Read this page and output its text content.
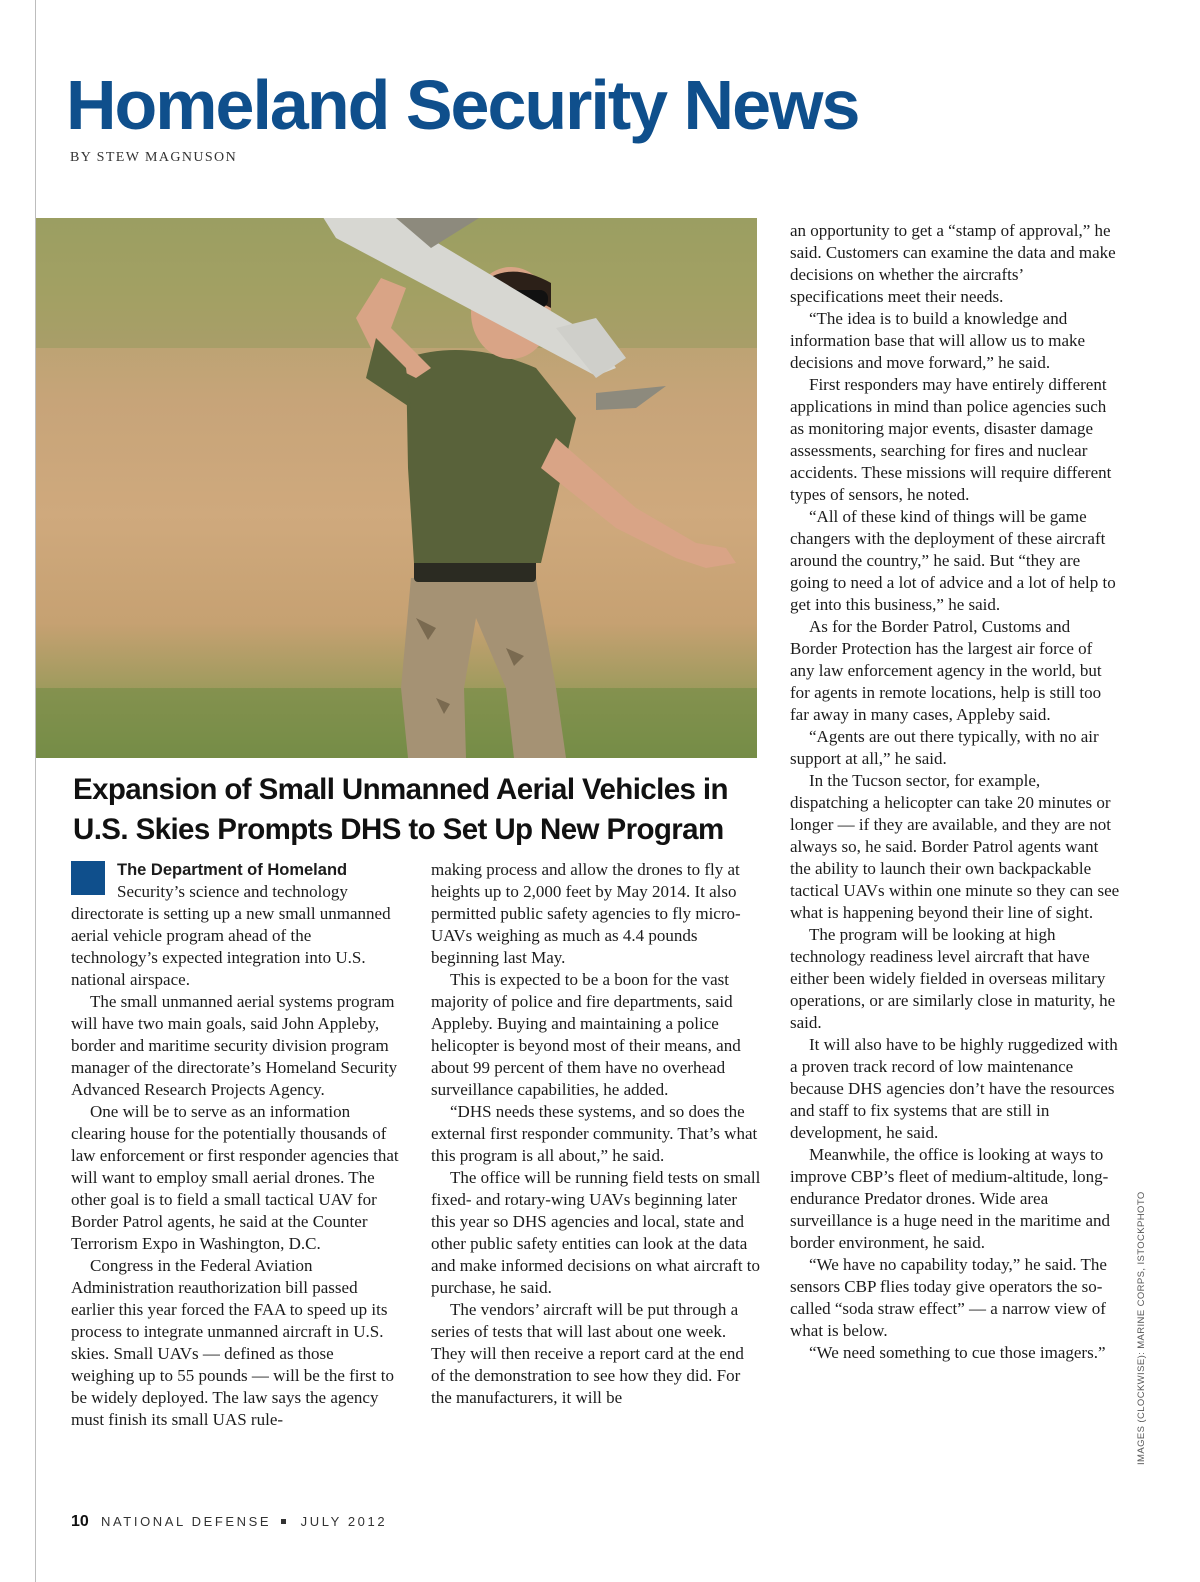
Homeland Security News
BY STEW MAGNUSON
Expansion of Small Unmanned Aerial Vehicles in U.S. Skies Prompts DHS to Set Up New Program

The Department of Homeland Security’s science and technology directorate is setting up a new small unmanned aerial vehicle program ahead of the technology’s expected integration into U.S. national airspace.

The small unmanned aerial systems program will have two main goals, said John Appleby, border and maritime security division program manager of the directorate’s Homeland Security Advanced Research Projects Agency.

One will be to serve as an information clearing house for the potentially thousands of law enforcement or first responder agencies that will want to employ small aerial drones. The other goal is to field a small tactical UAV for Border Patrol agents, he said at the Counter Terrorism Expo in Washington, D.C.

Congress in the Federal Aviation Administration reauthorization bill passed earlier this year forced the FAA to speed up its process to integrate unmanned aircraft in U.S. skies. Small UAVs — defined as those weighing up to 55 pounds — will be the first to be widely deployed. The law says the agency must finish its small UAS rule-

making process and allow the drones to fly at heights up to 2,000 feet by May 2014. It also permitted public safety agencies to fly micro-UAVs weighing as much as 4.4 pounds beginning last May.

This is expected to be a boon for the vast majority of police and fire departments, said Appleby. Buying and maintaining a police helicopter is beyond most of their means, and about 99 percent of them have no overhead surveillance capabilities, he added.

“DHS needs these systems, and so does the external first responder community. That’s what this program is all about,” he said.

The office will be running field tests on small fixed- and rotary-wing UAVs beginning later this year so DHS agencies and local, state and other public safety entities can look at the data and make informed decisions on what aircraft to purchase, he said.

The vendors’ aircraft will be put through a series of tests that will last about one week. They will then receive a report card at the end of the demonstration to see how they did. For the manufacturers, it will be

an opportunity to get a “stamp of approval,” he said. Customers can examine the data and make decisions on whether the aircrafts’ specifications meet their needs.

“The idea is to build a knowledge and information base that will allow us to make decisions and move forward,” he said.

First responders may have entirely different applications in mind than police agencies such as monitoring major events, disaster damage assessments, searching for fires and nuclear accidents. These missions will require different types of sensors, he noted.

“All of these kind of things will be game changers with the deployment of these aircraft around the country,” he said. But “they are going to need a lot of advice and a lot of help to get into this business,” he said.

As for the Border Patrol, Customs and Border Protection has the largest air force of any law enforcement agency in the world, but for agents in remote locations, help is still too far away in many cases, Appleby said.

“Agents are out there typically, with no air support at all,” he said.

In the Tucson sector, for example, dispatching a helicopter can take 20 minutes or longer — if they are available, and they are not always so, he said. Border Patrol agents want the ability to launch their own backpackable tactical UAVs within one minute so they can see what is happening beyond their line of sight.

The program will be looking at high technology readiness level aircraft that have either been widely fielded in overseas military operations, or are similarly close in maturity, he said.

It will also have to be highly ruggedized with a proven track record of low maintenance because DHS agencies don’t have the resources and staff to fix systems that are still in development, he said.

Meanwhile, the office is looking at ways to improve CBP’s fleet of medium-altitude, long-endurance Predator drones. Wide area surveillance is a huge need in the maritime and border environment, he said.

“We have no capability today,” he said. The sensors CBP flies today give operators the so-called “soda straw effect” — a narrow view of what is below.

“We need something to cue those imagers.”	IMAGES (CLOCKWISE): MARINE CORPS, ISTOCKPHOTO
10 NATIONAL DEFENSE JULY 2012
